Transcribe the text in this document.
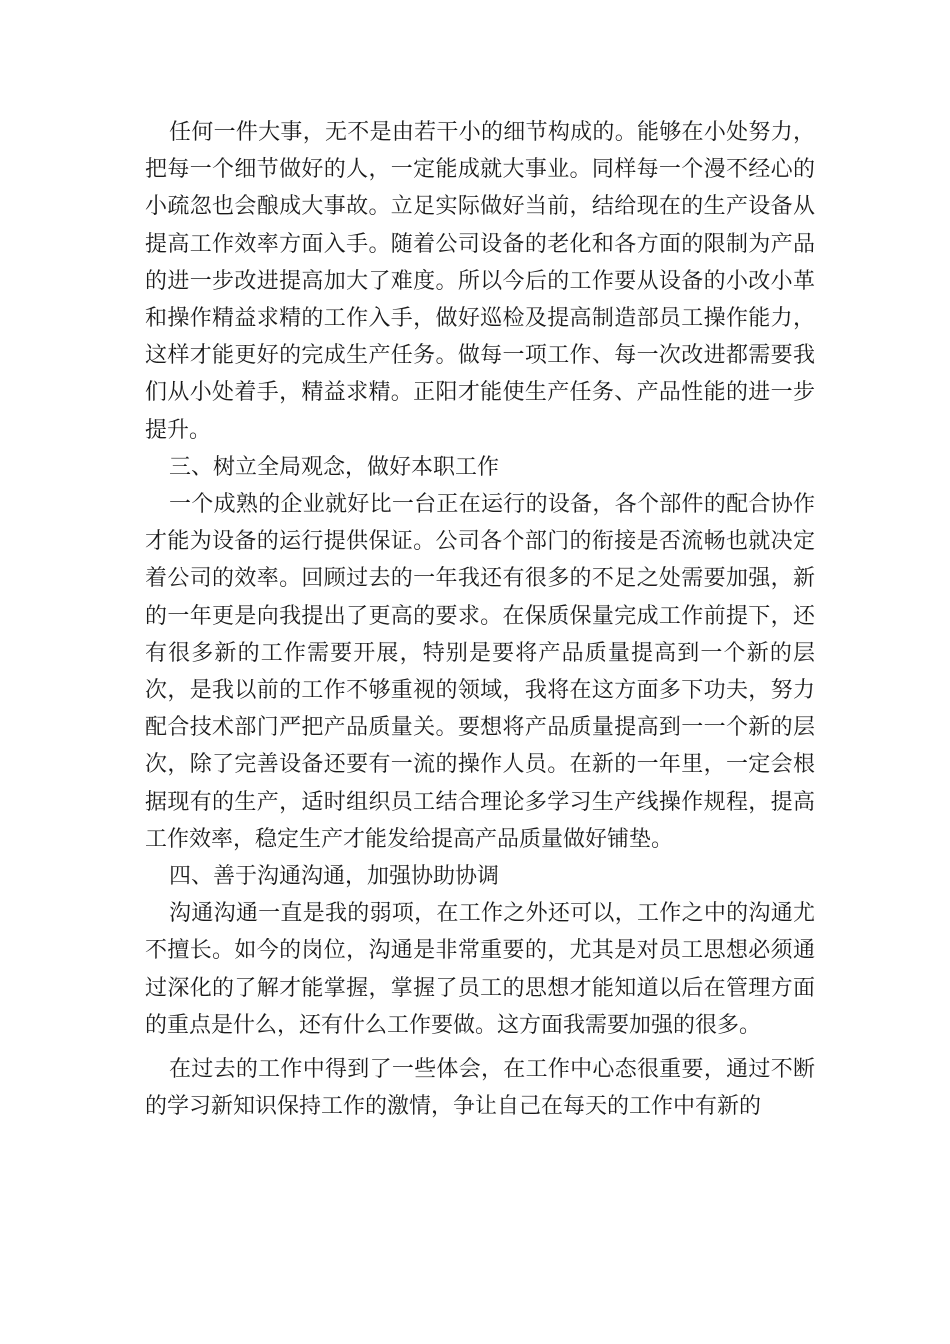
任何一件大事，无不是由若干小的细节构成的。能够在小处努力，把每一个细节做好的人，一定能成就大事业。同样每一个漫不经心的小疏忽也会酿成大事故。立足实际做好当前，结给现在的生产设备从提高工作效率方面入手。随着公司设备的老化和各方面的限制为产品的进一步改进提高加大了难度。所以今后的工作要从设备的小改小革和操作精益求精的工作入手，做好巡检及提高制造部员工操作能力，这样才能更好的完成生产任务。做每一项工作、每一次改进都需要我们从小处着手，精益求精。正阳才能使生产任务、产品性能的进一步提升。

三、树立全局观念，做好本职工作

一个成熟的企业就好比一台正在运行的设备，各个部件的配合协作才能为设备的运行提供保证。公司各个部门的衔接是否流畅也就决定着公司的效率。回顾过去的一年我还有很多的不足之处需要加强，新的一年更是向我提出了更高的要求。在保质保量完成工作前提下，还有很多新的工作需要开展，特别是要将产品质量提高到一个新的层次，是我以前的工作不够重视的领域，我将在这方面多下功夫，努力配合技术部门严把产品质量关。要想将产品质量提高到一一个新的层次，除了完善设备还要有一流的操作人员。在新的一年里，一定会根据现有的生产，适时组织员工结合理论多学习生产线操作规程，提高工作效率，稳定生产才能发给提高产品质量做好铺垫。

四、善于沟通沟通，加强协助协调

沟通沟通一直是我的弱项，在工作之外还可以，工作之中的沟通尤不擅长。如今的岗位，沟通是非常重要的，尤其是对员工思想必须通过深化的了解才能掌握，掌握了员工的思想才能知道以后在管理方面的重点是什么，还有什么工作要做。这方面我需要加强的很多。

在过去的工作中得到了一些体会，在工作中心态很重要，通过不断的学习新知识保持工作的激情，争让自己在每天的工作中有新的
